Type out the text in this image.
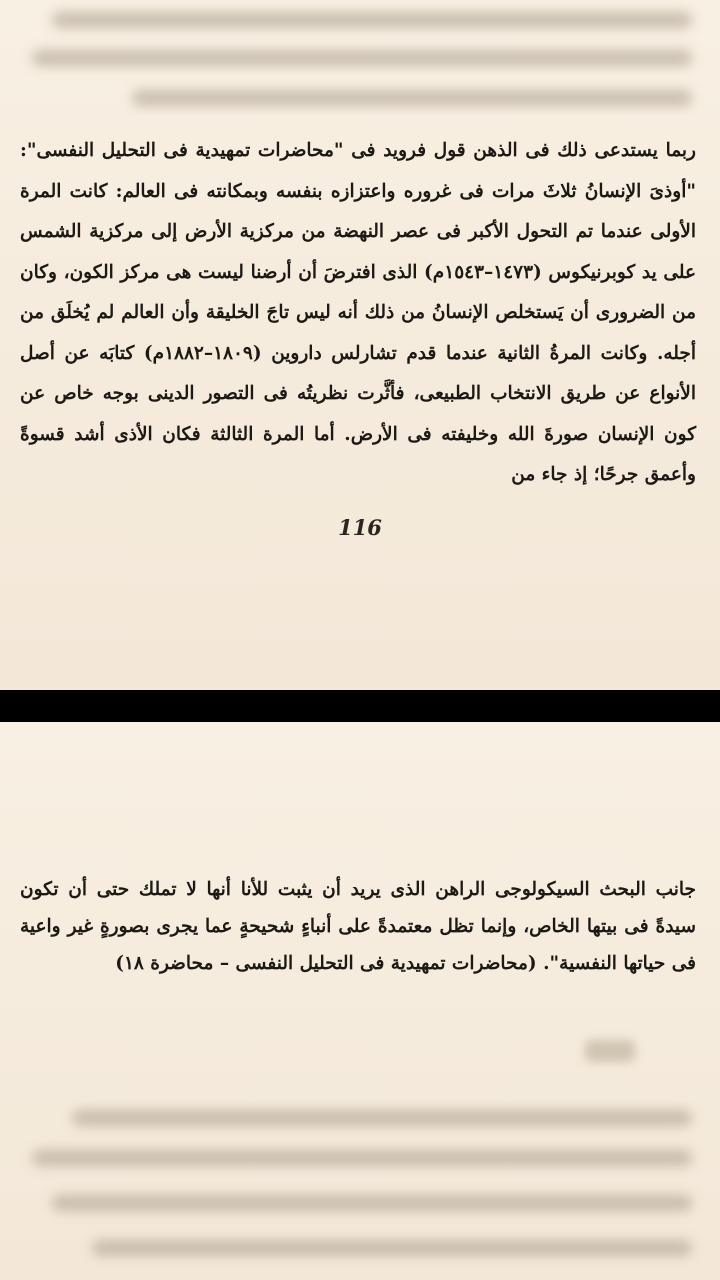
ربما يستدعى ذلك فى الذهن قول فرويد فى "محاضرات تمهيدية فى التحليل النفسى": "أوذىَ الإنسانُ ثلاثَ مرات فى غروره واعتزازه بنفسه وبمكانته فى العالم: كانت المرة الأولى عندما تم التحول الأكبر فى عصر النهضة من مركزية الأرض إلى مركزية الشمس على يد كوبرنيكوس (١٤٧٣–١٥٤٣م) الذى افترضَ أن أرضنا ليست هى مركز الكون، وكان من الضرورى أن يَستخلص الإنسانُ من ذلك أنه ليس تاجَ الخليقة وأن العالم لم يُخلَق من أجله. وكانت المرةُ الثانية عندما قدم تشارلس داروين (١٨٠٩–١٨٨٢م) كتابَه عن أصل الأنواع عن طريق الانتخاب الطبيعى، فأثَّرت نظريتُه فى التصور الدينى بوجه خاص عن كون الإنسان صورةَ الله وخليفته فى الأرض. أما المرة الثالثة فكان الأذى أشد قسوةً وأعمق جرحًا؛ إذ جاء من

116

جانب البحث السيكولوجى الراهن الذى يريد أن يثبت للأنا أنها لا تملك حتى أن تكون سيدةً فى بيتها الخاص، وإنما تظل معتمدةً على أنباءٍ شحيحةٍ عما يجرى بصورةٍ غير واعية فى حياتها النفسية". (محاضرات تمهيدية فى التحليل النفسى – محاضرة ١٨)
